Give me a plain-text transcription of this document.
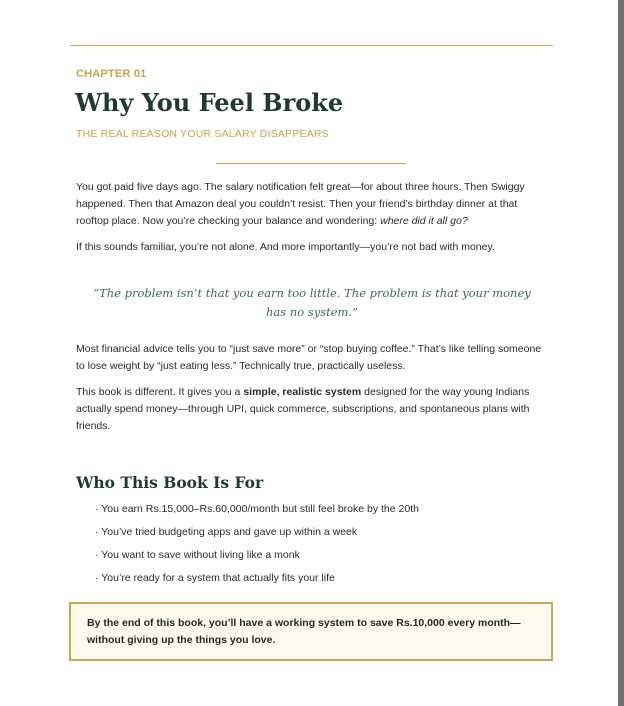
CHAPTER 01
Why You Feel Broke
THE REAL REASON YOUR SALARY DISAPPEARS

You got paid five days ago. The salary notification felt great—for about three hours. Then Swiggy happened. Then that Amazon deal you couldn’t resist. Then your friend’s birthday dinner at that rooftop place. Now you’re checking your balance and wondering: where did it all go?

If this sounds familiar, you’re not alone. And more importantly—you’re not bad with money.

“The problem isn’t that you earn too little. The problem is that your money has no system.”

Most financial advice tells you to “just save more” or “stop buying coffee.” That’s like telling someone to lose weight by “just eating less.” Technically true, practically useless.

This book is different. It gives you a simple, realistic system designed for the way young Indians actually spend money—through UPI, quick commerce, subscriptions, and spontaneous plans with friends.

Who This Book Is For
· You earn Rs.15,000–Rs.60,000/month but still feel broke by the 20th
· You’ve tried budgeting apps and gave up within a week
· You want to save without living like a monk
· You’re ready for a system that actually fits your life
By the end of this book, you’ll have a working system to save Rs.10,000 every month—without giving up the things you love.
